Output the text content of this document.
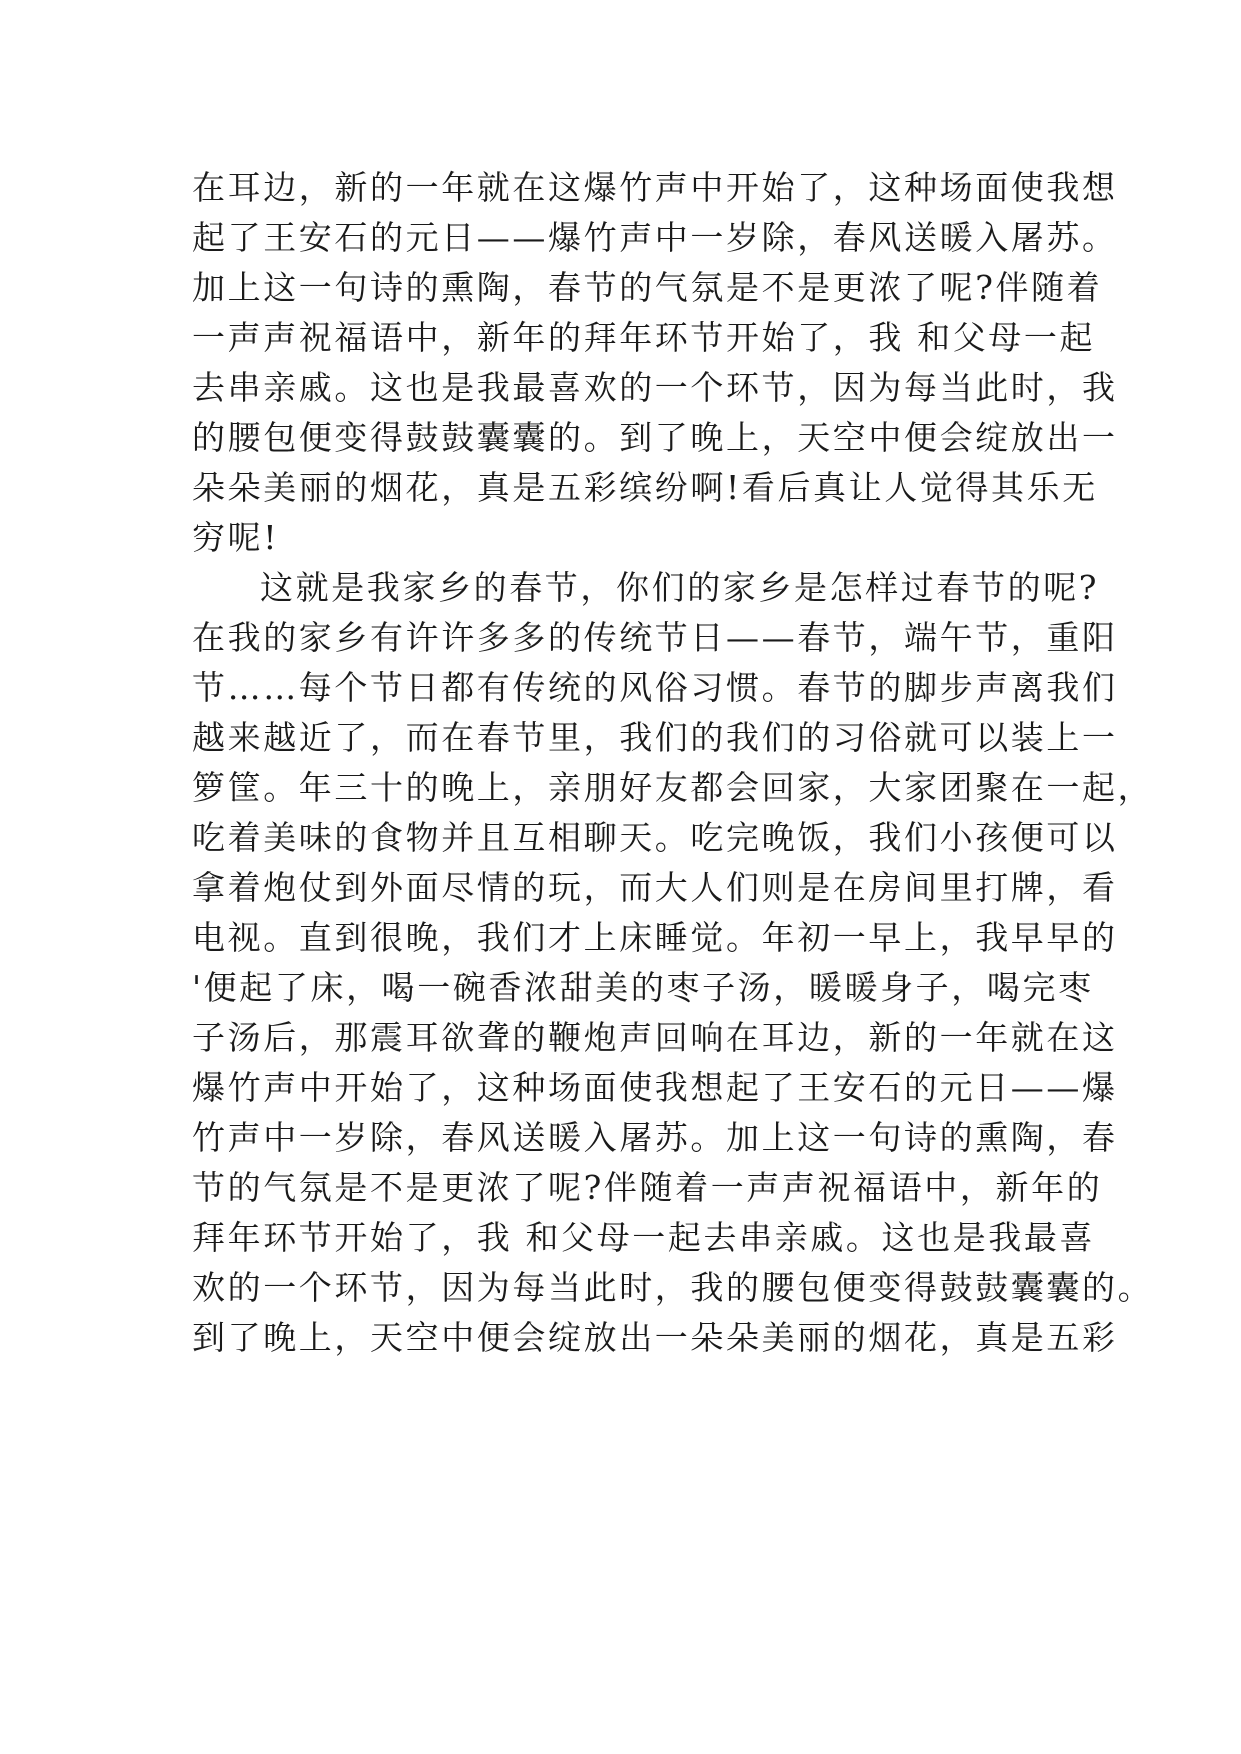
在耳边，新的一年就在这爆竹声中开始了，这种场面使我想
起了王安石的元日——爆竹声中一岁除，春风送暖入屠苏。
加上这一句诗的熏陶，春节的气氛是不是更浓了呢?伴随着
一声声祝福语中，新年的拜年环节开始了，我 和父母一起
去串亲戚。这也是我最喜欢的一个环节，因为每当此时，我
的腰包便变得鼓鼓囊囊的。到了晚上，天空中便会绽放出一
朵朵美丽的烟花，真是五彩缤纷啊!看后真让人觉得其乐无
穷呢!
这就是我家乡的春节，你们的家乡是怎样过春节的呢?
在我的家乡有许许多多的传统节日——春节，端午节，重阳
节……每个节日都有传统的风俗习惯。春节的脚步声离我们
越来越近了，而在春节里，我们的我们的习俗就可以装上一
箩筐。年三十的晚上，亲朋好友都会回家，大家团聚在一起，
吃着美味的食物并且互相聊天。吃完晚饭，我们小孩便可以
拿着炮仗到外面尽情的玩，而大人们则是在房间里打牌，看
电视。直到很晚，我们才上床睡觉。年初一早上，我早早的
'便起了床，喝一碗香浓甜美的枣子汤，暖暖身子，喝完枣
子汤后，那震耳欲聋的鞭炮声回响在耳边，新的一年就在这
爆竹声中开始了，这种场面使我想起了王安石的元日——爆
竹声中一岁除，春风送暖入屠苏。加上这一句诗的熏陶，春
节的气氛是不是更浓了呢?伴随着一声声祝福语中，新年的
拜年环节开始了，我 和父母一起去串亲戚。这也是我最喜
欢的一个环节，因为每当此时，我的腰包便变得鼓鼓囊囊的。
到了晚上，天空中便会绽放出一朵朵美丽的烟花，真是五彩
